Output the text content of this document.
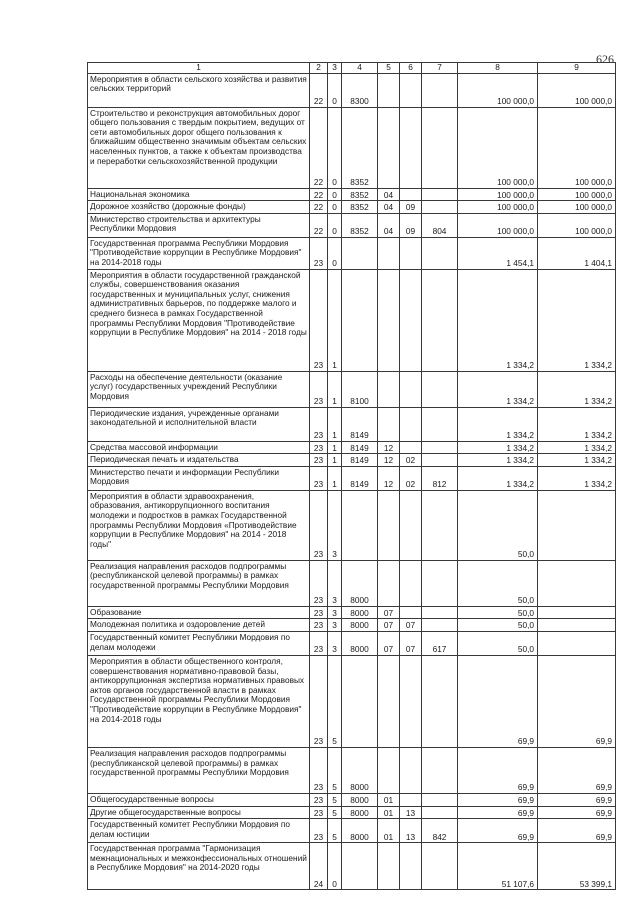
626
1	2	3	4	5	6	7	8	9
Мероприятия в области сельского хозяйства и развития сельских территорий	22	0	8300				100 000,0	100 000,0
Строительство и реконструкция автомобильных дорог общего пользования с твердым покрытием, ведущих от сети автомобильных дорог общего пользования к ближайшим общественно значимым объектам сельских населенных пунктов, а также к объектам производства и переработки сельскохозяйственной продукции	22	0	8352				100 000,0	100 000,0
Национальная экономика	22	0	8352	04			100 000,0	100 000,0
Дорожное хозяйство (дорожные фонды)	22	0	8352	04	09		100 000,0	100 000,0
Министерство строительства и архитектуры Республики Мордовия	22	0	8352	04	09	804	100 000,0	100 000,0
Государственная программа Республики Мордовия "Противодействие коррупции в Республике Мордовия" на 2014-2018 годы	23	0					1 454,1	1 404,1
Мероприятия в области государственной гражданской службы, совершенствования оказания государственных и муниципальных услуг, снижения административных барьеров, по поддержке малого и среднего бизнеса в рамках Государственной программы Республики Мордовия "Противодействие коррупции в Республике Мордовия" на 2014 - 2018 годы	23	1					1 334,2	1 334,2
Расходы на обеспечение деятельности (оказание услуг) государственных учреждений Республики Мордовия	23	1	8100				1 334,2	1 334,2
Периодические издания, учрежденные органами законодательной и исполнительной власти	23	1	8149				1 334,2	1 334,2
Средства массовой информации	23	1	8149	12			1 334,2	1 334,2
Периодическая печать и издательства	23	1	8149	12	02		1 334,2	1 334,2
Министерство печати и информации Республики Мордовия	23	1	8149	12	02	812	1 334,2	1 334,2
Мероприятия в области здравоохранения, образования, антикоррупционного воспитания молодежи и подростков в рамках Государственной программы Республики Мордовия «Противодействие коррупции в Республике Мордовия" на 2014 - 2018 годы"	23	3					50,0	
Реализация направления расходов подпрограммы (республиканской целевой программы) в рамках государственной программы Республики Мордовия	23	3	8000				50,0	
Образование	23	3	8000	07			50,0	
Молодежная политика и оздоровление детей	23	3	8000	07	07		50,0	
Государственный комитет Республики Мордовия по делам молодежи	23	3	8000	07	07	617	50,0	
Мероприятия в области общественного контроля, совершенствования нормативно-правовой базы, антикоррупционная экспертиза нормативных правовых актов органов государственной власти в рамках Государственной программы Республики Мордовия "Противодействие коррупции в Республике Мордовия" на 2014-2018 годы	23	5					69,9	69,9
Реализация направления расходов подпрограммы (республиканской целевой программы) в рамках государственной программы Республики Мордовия	23	5	8000				69,9	69,9
Общегосударственные вопросы	23	5	8000	01			69,9	69,9
Другие общегосударственные вопросы	23	5	8000	01	13		69,9	69,9
Государственный комитет Республики Мордовия по делам юстиции	23	5	8000	01	13	842	69,9	69,9
Государственная программа "Гармонизация межнациональных и межконфессиональных отношений в Республике Мордовия" на 2014-2020 годы	24	0					51 107,6	53 399,1
